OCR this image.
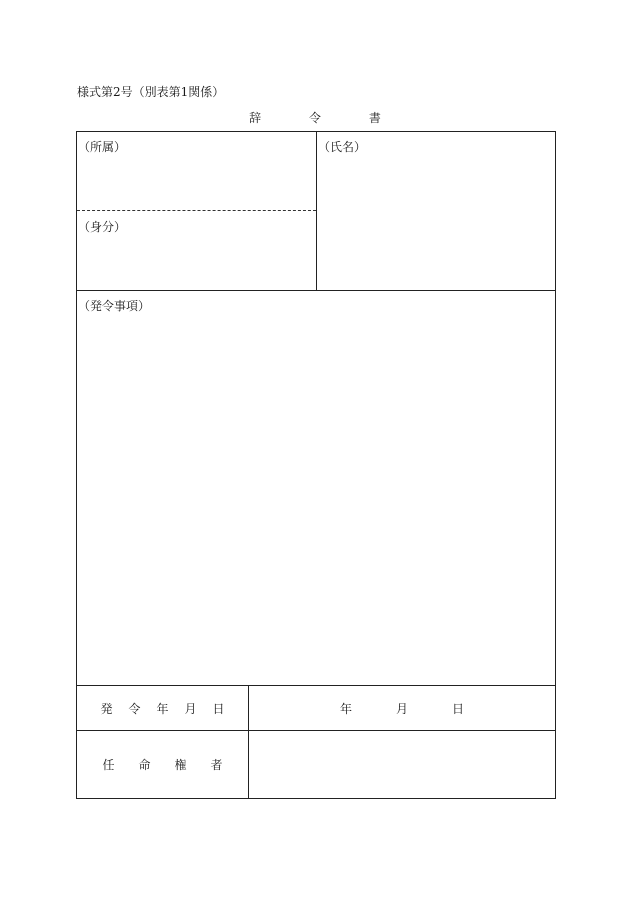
様式第2号（別表第1関係）
辞	令	書
（所属）	（氏名）
（身分）
（発令事項）
発 令 年 月 日	年	月	日
任 命 権 者
